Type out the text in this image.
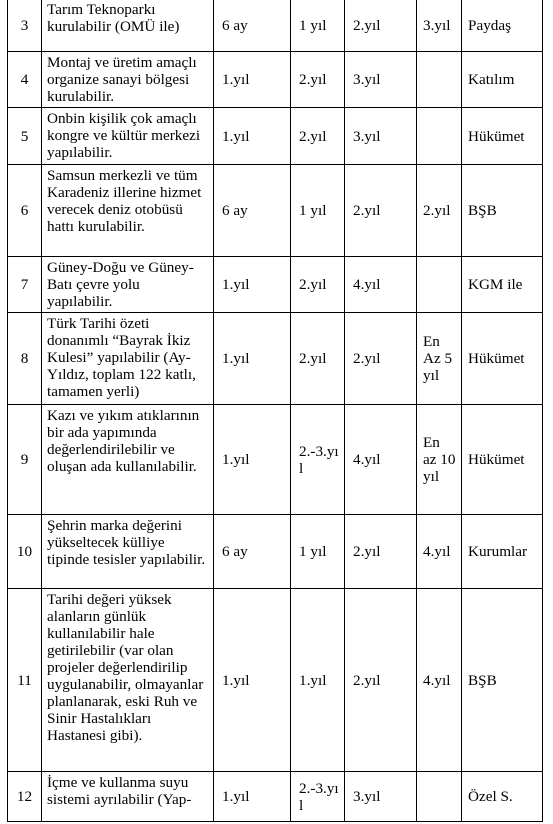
3	Tarım Teknoparkı kurulabilir (OMÜ ile)	6 ay	1 yıl	2.yıl	3.yıl	Paydaş
4	Montaj ve üretim amaçlı organize sanayi bölgesi kurulabilir.	1.yıl	2.yıl	3.yıl		Katılım
5	Onbin kişilik çok amaçlı kongre ve kültür merkezi yapılabilir.	1.yıl	2.yıl	3.yıl		Hükümet
6	Samsun merkezli ve tüm Karadeniz illerine hizmet verecek deniz otobüsü hattı kurulabilir.	6 ay	1 yıl	2.yıl	2.yıl	BŞB
7	Güney-Doğu ve Güney-Batı çevre yolu yapılabilir.	1.yıl	2.yıl	4.yıl		KGM ile
8	Türk Tarihi özeti donanımlı “Bayrak İkiz Kulesi” yapılabilir (Ay-Yıldız, toplam 122 katlı, tamamen yerli)	1.yıl	2.yıl	2.yıl	En Az 5 yıl	Hükümet
9	Kazı ve yıkım atıklarının bir ada yapımında değerlendirilebilir ve oluşan ada kullanılabilir.	1.yıl	2.-3.yıl	4.yıl	En az 10 yıl	Hükümet
10	Şehrin marka değerini yükseltecek külliye tipinde tesisler yapılabilir.	6 ay	1 yıl	2.yıl	4.yıl	Kurumlar
11	Tarihi değeri yüksek alanların günlük kullanılabilir hale getirilebilir (var olan projeler değerlendirilip uygulanabilir, olmayanlar planlanarak, eski Ruh ve Sinir Hastalıkları Hastanesi gibi).	1.yıl	1.yıl	2.yıl	4.yıl	BŞB
12	İçme ve kullanma suyu sistemi ayrılabilir (Yap-	1.yıl	2.-3.yıl	3.yıl		Özel S.
